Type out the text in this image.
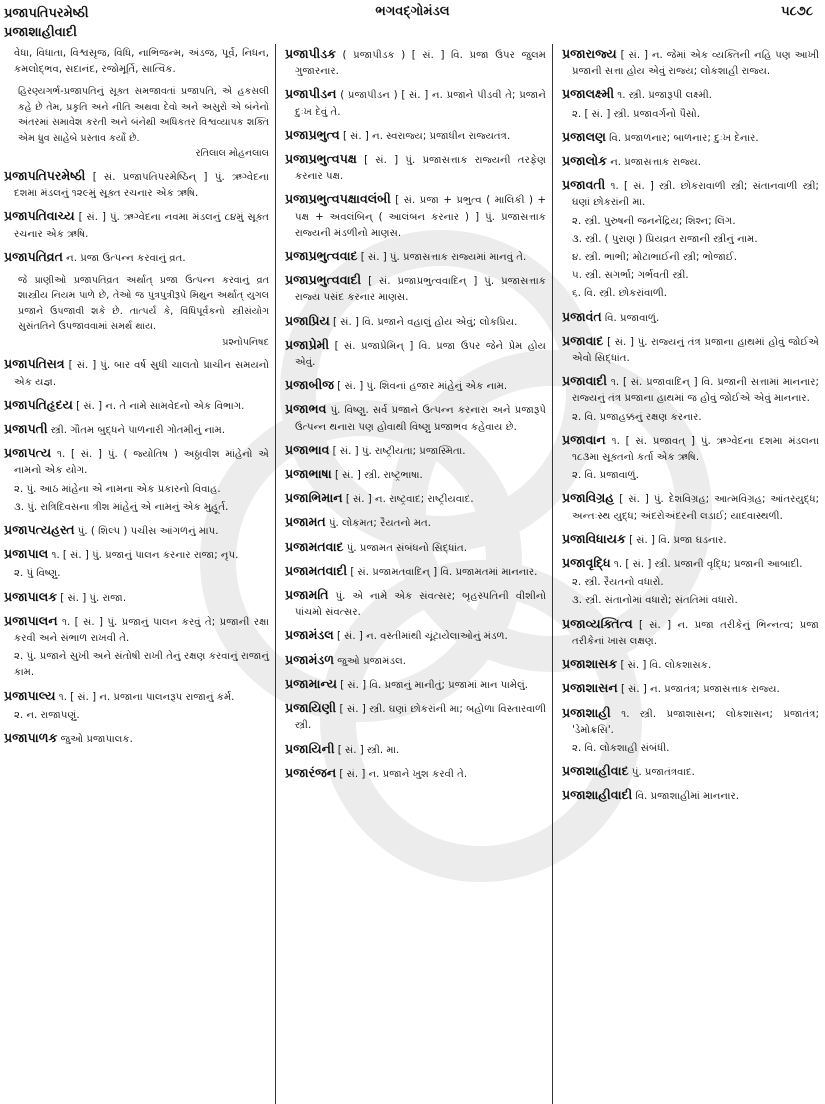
પ્રજાપતિપરમેષ્ઠી
પ્રજાશાહીવાદી
ભગવદ્ગોમંડલ	૫૮૭૮
વેધા, વિધાતા, વિશ્વસૃજ, વિધિ, નાભિજન્મ, અંડજ, પૂર્વ, નિધન, કમલોદ્ભવ, સદાનંદ, રજોમૂર્તિ, સાત્વિક.
હિરણ્યગર્ભ-પ્રજાપતિનું સૂક્ત સમજાવતાં પ્રજાપતિ, એ હકસલી કહે છે તેમ, પ્રકૃતિ અને નીતિ અથવા દેવો અને અસુરો એ બંનેનો અંતરમાં સમાવેશ કરતી અને બંનેથી અધિકતર વિશ્વવ્યાપક શક્તિ એમ ધ્રુવ સાહેબે પ્રસ્તાવ કર્યો છે.
રતિલાલ મોહનલાલ
પ્રજાપતિપરમેષ્ઠી [ સં. પ્રજાપતિપરમેષ્ઠિન્ ] પું. ઋગ્વેદના દશમા મંડલનું ૧૨૯મું સૂક્ત રચનાર એક ઋષિ.
પ્રજાપતિવાચ્ય [ સં. ] પું. ઋગ્વેદના નવમા મંડલનું ૮૪મું સૂક્ત રચનાર એક ઋષિ.
પ્રજાપતિવ્રત ન. પ્રજા ઉત્પન્ન કરવાનું વ્રત.
જે પ્રાણીઓ પ્રજાપતિવ્રત અર્થાત્ પ્રજા ઉત્પન્ન કરવાનું વ્રત શાસ્ત્રીય નિયમ પાળે છે, તેઓ જ પુત્રપુત્રીરૂપે મિથુન અર્થાત્ યુગલ પ્રજાને ઉપજાવી શકે છે. તાત્પર્ય કે, વિધિપૂર્વકનો સ્ત્રીસંયોગ સુસંતતિને ઉપજાવવામાં સમર્થ થાય.
પ્રશ્નોપનિષદ
પ્રજાપતિસત્ર [ સં. ] પું. બાર વર્ષ સુધી ચાલતો પ્રાચીન સમયનો એક યજ્ઞ.
પ્રજાપતિહૃદય [ સં. ] ન. તે નામે સામવેદનો એક વિભાગ.
પ્રજાપતી સ્ત્રી. ગૌતમ બુદ્ધને પાળનારી ગોતમીનું નામ.
પ્રજાપત્ય ૧. [ સં. ] પું. ( જ્યોતિષ ) અઠ્ઠાવીશ માંહેનો એ નામનો એક યોગ.
૨. પું. આઠ માંહેના એ નામના એક પ્રકારનો વિવાહ.
૩. પું. રાત્રિદિવસના ત્રીશ માંહેનું એ નામનું એક મુહૂર્ત.
પ્રજાપત્યહસ્ત પું. ( શિલ્પ ) પચીસ આંગળનું માપ.
પ્રજાપાલ ૧. [ સં. ] પું. પ્રજાનું પાલન કરનાર રાજા; નૃપ.
૨. પું વિષ્ણુ.
પ્રજાપાલક [ સં. ] પું. રાજા.
પ્રજાપાલન ૧. [ સં. ] પું. પ્રજાનું પાલન કરવું તે; પ્રજાની રક્ષા કરવી અને સંભાળ રાખવી તે.
૨. પું. પ્રજાને સુખી અને સંતોષી રાખી તેનું રક્ષણ કરવાનું રાજાનું કામ.
પ્રજાપાલ્ય ૧. [ સં. ] ન. પ્રજાના પાલનરૂપ રાજાનું કર્મ.
૨. ન. રાજાપણું.
પ્રજાપાળક જુઓ પ્રજાપાલક.
પ્રજાપીડક ( પ્રજાપીડક ) [ સં. ] વિ. પ્રજા ઉપર જુલમ ગુજારનાર.
પ્રજાપીડન ( પ્રજાપીડન ) [ સં. ] ન. પ્રજાને પીડવી તે; પ્રજાને દુઃખ દેવું તે.
પ્રજાપ્રભુત્વ [ સં. ] ન. સ્વરાજ્ય; પ્રજાધીન રાજ્યતંત્ર.
પ્રજાપ્રભુત્વપક્ષ [ સં. ] પું. પ્રજાસત્તાક રાજ્યની તરફેણ કરનાર પક્ષ.
પ્રજાપ્રભુત્વપક્ષાવલંબી [ સં. પ્રજા + પ્રભુત્વ ( માલિકી ) + પક્ષ + અવલંબિન્ ( આલંબન કરનાર ) ] પું. પ્રજાસત્તાક રાજ્યની મંડળીનો માણસ.
પ્રજાપ્રભુત્વવાદ [ સં. ] પું. પ્રજાસત્તાક રાજ્યમાં માનવું તે.
પ્રજાપ્રભુત્વવાદી [ સં. પ્રજાપ્રભુત્વવાદિન્ ] પું. પ્રજાસત્તાક રાજ્ય પસંદ કરનાર માણસ.
પ્રજાપ્રિય [ સં. ] વિ. પ્રજાને વહાલું હોય એવું; લોકપ્રિય.
પ્રજાપ્રેમી [ સં. પ્રજાપ્રેમિન્ ] વિ. પ્રજા ઉપર જેને પ્રેમ હોય એવું.
પ્રજાબીજ [ સં. ] પું. શિવનાં હજાર માંહેનું એક નામ.
પ્રજાભવ પું. વિષ્ણુ. સર્વ પ્રજાને ઉત્પન્ન કરનારા અને પ્રજારૂપે ઉત્પન્ન થનારા પણ હોવાથી વિષ્ણુ પ્રજાભવ કહેવાય છે.
પ્રજાભાવ [ સં. ] પું. રાષ્ટ્રીયતા; પ્રજાસ્મિતા.
પ્રજાભાષા [ સં. ] સ્ત્રી. રાષ્ટ્રભાષા.
પ્રજાભિમાન [ સં. ] ન. રાષ્ટ્રવાદ; રાષ્ટ્રીયવાદ.
પ્રજામત પું. લોકમત; રૈયતનો મત.
પ્રજામતવાદ પું. પ્રજામત સંબંધનો સિદ્ધાંત.
પ્રજામતવાદી [ સં. પ્રજામતવાદિન્ ] વિ. પ્રજામતમાં માનનાર.
પ્રજામતિ પું. એ નામે એક સંવત્સર; બૃહસ્પતિની વીશીનો પાંચમો સંવત્સર.
પ્રજામંડલ [ સં. ] ન. વસ્તીમાંથી ચૂંટાયેલાઓનું મંડળ.
પ્રજામંડળ જુઓ પ્રજામંડલ.
પ્રજામાન્ય [ સં. ] વિ. પ્રજાનું માનીતું; પ્રજામાં માન પામેલું.
પ્રજાયિણી [ સં. ] સ્ત્રી. ઘણાં છોકરાંની મા; બહોળા વિસ્તારવાળી સ્ત્રી.
પ્રજાયિની [ સં. ] સ્ત્રી. મા.
પ્રજારંજન [ સં. ] ન. પ્રજાને ખુશ કરવી તે.
પ્રજારાજ્ય [ સં. ] ન. જેમાં એક વ્યક્તિની નહિ પણ આખી પ્રજાની સત્તા હોય એવું રાજ્ય; લોકશાહી રાજ્ય.
પ્રજાલક્ષ્મી ૧. સ્ત્રી. પ્રજારૂપી લક્ષ્મી.
૨. [ સં. ] સ્ત્રી. પ્રજાવર્ગનો પૈસો.
પ્રજાલણ વિ. પ્રજાળનાર; બાળનાર; દુઃખ દેનાર.
પ્રજાલોક ન. પ્રજાસત્તાક રાજ્ય.
પ્રજાવતી ૧. [ સં. ] સ્ત્રી. છોકરાવાળી સ્ત્રી; સંતાનવાળી સ્ત્રી; ઘણાં છોકરાંની મા.
૨. સ્ત્રી. પુરુષની જનનેંદ્રિય; શિશ્ન; લિંગ.
૩. સ્ત્રી. ( પુરાણ ) પ્રિયવ્રત રાજાની સ્ત્રીનું નામ.
૪. સ્ત્રી. ભાભી; મોટાભાઈની સ્ત્રી; ભોજાઈ.
૫. સ્ત્રી. સગર્ભા; ગર્ભવતી સ્ત્રી.
૬. વિ. સ્ત્રી. છોકરાંવાળી.
પ્રજાવંત વિ. પ્રજાવાળું.
પ્રજાવાદ [ સં. ] પું. રાજ્યનું તંત્ર પ્રજાના હાથમાં હોવું જોઈએ એવો સિદ્ધાંત.
પ્રજાવાદી ૧. [ સં. પ્રજાવાદિન્ ] વિ. પ્રજાની સત્તામાં માનનાર; રાજ્યનું તંત્ર પ્રજાના હાથમાં જ હોવું જોઈએ એવું માનનાર.
૨. વિ. પ્રજાહક્કનું રક્ષણ કરનાર.
પ્રજાવાન ૧. [ સં. પ્રજાવત્ ] પું. ઋગ્વેદના દશમા મંડલના ૧૮૩મા સૂક્તનો કર્તા એક ઋષિ.
૨. વિ. પ્રજાવાળું.
પ્રજાવિગ્રહ [ સં. ] પું. દેશવિગ્રહ; આત્મવિગ્રહ; આંતરયુદ્ધ; અન્તઃસ્થ યુદ્ધ; અંદરોઅંદરની લડાઈ; યાદવાસ્થળી.
પ્રજાવિધાયક [ સં. ] વિ. પ્રજા ઘડનાર.
પ્રજાવૃદ્ધિ ૧. [ સં. ] સ્ત્રી. પ્રજાની વૃદ્ધિ; પ્રજાની આબાદી.
૨. સ્ત્રી. રૈયતનો વધારો.
૩. સ્ત્રી. સંતાનોમાં વધારો; સંતતિમાં વધારો.
પ્રજાવ્યક્તિત્વ [ સં. ] ન. પ્રજા તરીકેનું ભિન્નત્વ; પ્રજા તરીકેનાં ખાસ લક્ષણ.
પ્રજાશાસક [ સં. ] વિ. લોકશાસક.
પ્રજાશાસન [ સં. ] ન. પ્રજાતંત્ર; પ્રજાસત્તાક રાજ્ય.
પ્રજાશાહી ૧. સ્ત્રી. પ્રજાશાસન; લોકશાસન; પ્રજાતંત્ર; 'ડેમોક્રસિ'.
૨. વિ. લોકશાહી સંબંધી.
પ્રજાશાહીવાદ પું. પ્રજાતંત્રવાદ.
પ્રજાશાહીવાદી વિ. પ્રજાશાહીમાં માનનાર.
